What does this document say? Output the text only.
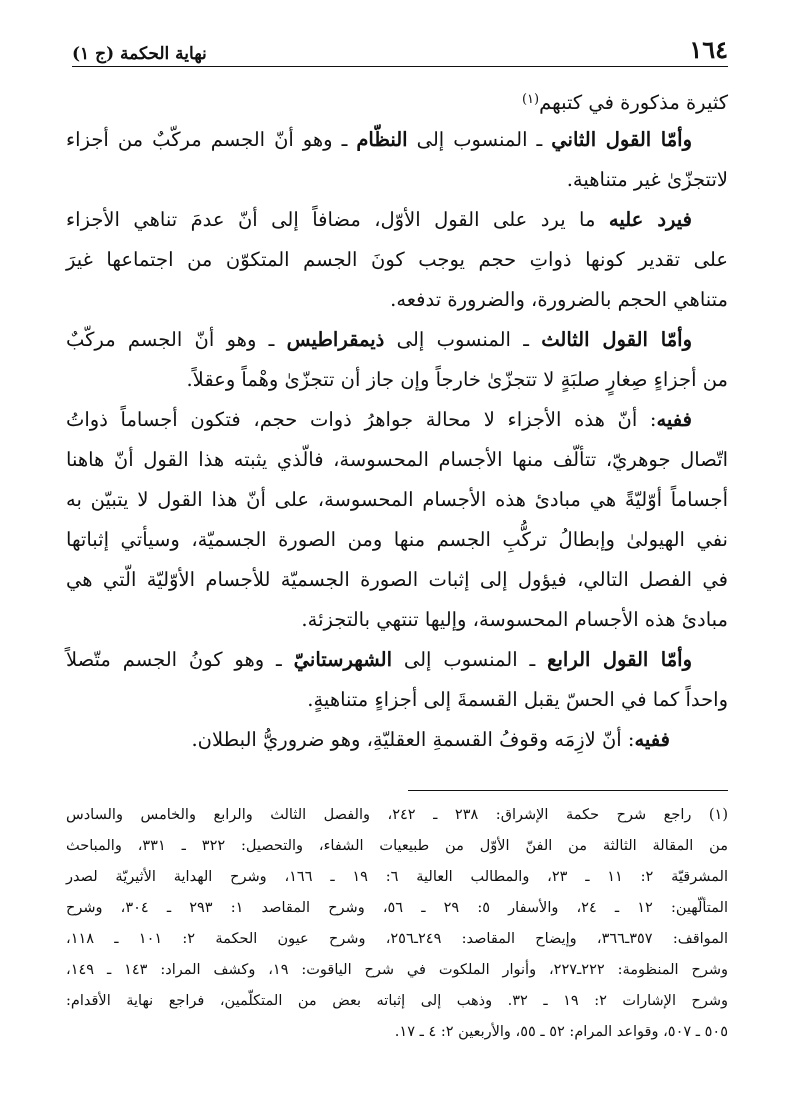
١٦٤
نهاية الحكمة (ج ١)
كثيرة مذكورة في كتبهم$^{(١)}$
وأمّا القول الثاني ـ المنسوب إلى النظّام ـ وهو أنّ الجسم مركّبٌ من أجزاء
لاتتجزّىٰ غير متناهية.
فيرد عليه ما يرد على القول الأوّل، مضافاً إلى أنّ عدمَ تناهي الأجزاء
على تقدير كونها ذواتِ حجم يوجب كونَ الجسم المتكوّن من اجتماعها غيرَ
متناهي الحجم بالضرورة، والضرورة تدفعه.
وأمّا القول الثالث ـ المنسوب إلى ذيمقراطيس ـ وهو أنّ الجسم مركّبٌ
من أجزاءٍ صِغارٍ صلبَةٍ لا تتجزّىٰ خارجاً وإن جاز أن تتجزّىٰ وهْماً وعقلاً.
ففيه: أنّ هذه الأجزاء لا محالة جواهرُ ذوات حجم، فتكون أجساماً ذواتُ
اتّصال جوهريّ، تتألّف منها الأجسام المحسوسة، فالّذي يثبته هذا القول أنّ هاهنا
أجساماً أوّليّةً هي مبادئ هذه الأجسام المحسوسة، على أنّ هذا القول لا يتبيّن به
نفي الهيولىٰ وإبطالُ تركُّبِ الجسم منها ومن الصورة الجسميّة، وسيأتي إثباتها
في الفصل التالي، فيؤول إلى إثبات الصورة الجسميّة للأجسام الأوّليّة الّتي هي
مبادئ هذه الأجسام المحسوسة، وإليها تنتهي بالتجزئة.
وأمّا القول الرابع ـ المنسوب إلى الشهرستانيّ ـ وهو كونُ الجسم متّصلاً
واحداً كما في الحسّ يقبل القسمةَ إلى أجزاءٍ متناهيةٍ.
ففيه: أنّ لازِمَه وقوفُ القسمةِ العقليّةِ، وهو ضروريُّ البطلان.
(١) راجع شرح حكمة الإشراق: ٢٣٨ ـ ٢٤٢، والفصل الثالث والرابع والخامس والسادس
من المقالة الثالثة من الفنّ الأوّل من طبيعيات الشفاء، والتحصيل: ٣٢٢ ـ ٣٣١، والمباحث
المشرقيّة ٢: ١١ ـ ٢٣، والمطالب العالية ٦: ١٩ ـ ١٦٦، وشرح الهداية الأثيريّة لصدر
المتألّهين: ١٢ ـ ٢٤، والأسفار ٥: ٢٩ ـ ٥٦، وشرح المقاصد ١: ٢٩٣ ـ ٣٠٤، وشرح
المواقف: ٣٥٧ـ٣٦٦، وإيضاح المقاصد: ٢٤٩ـ٢٥٦، وشرح عيون الحكمة ٢: ١٠١ ـ ١١٨،
وشرح المنظومة: ٢٢٢ـ٢٢٧، وأنوار الملكوت في شرح الياقوت: ١٩، وكشف المراد: ١٤٣ ـ ١٤٩،
وشرح الإشارات ٢: ١٩ ـ ٣٢. وذهب إلى إثباته بعض من المتكلّمين، فراجع نهاية الأقدام:
٥٠٥ ـ ٥٠٧، وقواعد المرام: ٥٢ ـ ٥٥، والأربعين ٢: ٤ ـ ١٧.
